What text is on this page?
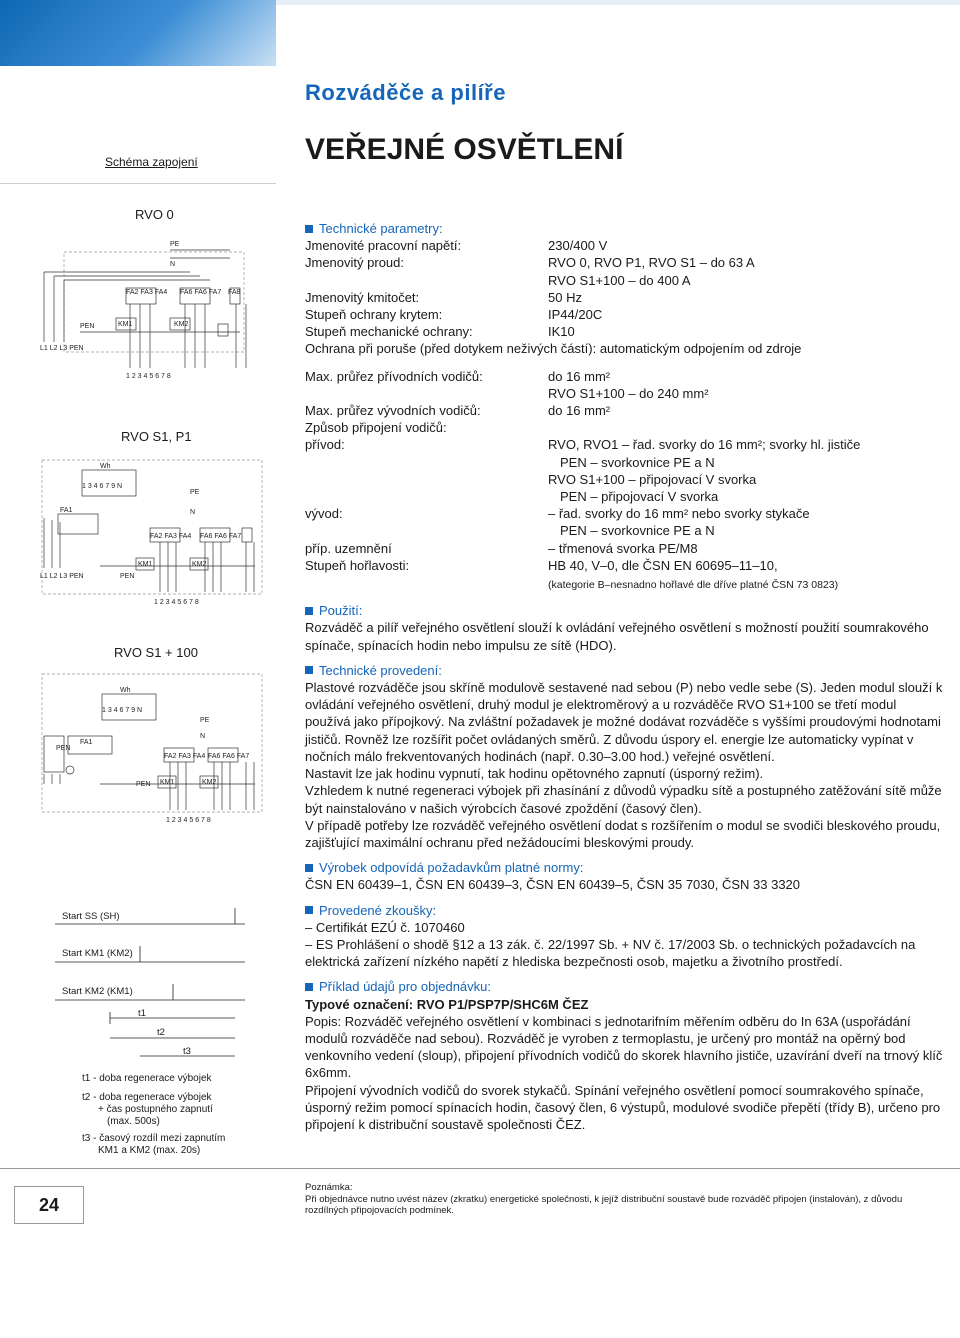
Rozváděče a pilíře
VEŘEJNÉ OSVĚTLENÍ
Schéma zapojení
RVO 0
L1 L2 L3 PEN
PEN	KM1	KM2
PE
N
FA2 FA3 FA4 FA6 FA6 FA7 FA8
1 2 3 4 5 6 7 8
RVO S1, P1
Wh
1 3 4 6 7 9 N
FA1
L1 L2 L3 PEN	PEN
KM1	KM2
PE
N
FA2 FA3 FA4 FA6 FA6 FA7
1 2 3 4 5 6 7 8
RVO S1 + 100
Wh
1 3 4 6 7 9 N
FA1
PEN
PEN KM1	KM2
PE
N
FA2 FA3 FA4 FA6 FA6 FA7
1 2 3 4 5 6 7 8
Start SS (SH)
Start KM1 (KM2)
Start KM2 (KM1)
t1
t2
t3
t1 - doba regenerace výbojek
t2 - doba regenerace výbojek
+ čas postupného zapnutí
(max. 500s)
t3 - časový rozdíl mezi zapnutím
KM1 a KM2 (max. 20s)

Technické parametry:

Jmenovité pracovní napětí:	230/400 V
Jmenovitý proud:	RVO 0, RVO P1, RVO S1 – do 63 A
RVO S1+100 – do 400 A
Jmenovitý kmitočet:	50 Hz
Stupeň ochrany krytem:	IP44/20C
Stupeň mechanické ochrany:	IK10

Ochrana při poruše (před dotykem neživých částí): automatickým odpojením od zdroje

Max. průřez přívodních vodičů:	do 16 mm²
RVO S1+100 – do 240 mm²
Max. průřez vývodních vodičů:	do 16 mm²

Způsob připojení vodičů:

přívod:	RVO, RVO1 – řad. svorky do 16 mm²; svorky hl. jističe
PEN – svorkovnice PE a N
RVO S1+100 – připojovací V svorka
PEN – připojovací V svorka
vývod:	– řad. svorky do 16 mm² nebo svorky stykače
PEN – svorkovnice PE a N
příp. uzemnění	– třmenová svorka PE/M8
Stupeň hořlavosti:	HB 40, V–0, dle ČSN EN 60695–11–10,
(kategorie B–nesnadno hořlavé dle dříve platné ČSN 73 0823)

Použití:

Rozváděč a pilíř veřejného osvětlení slouží k ovládání veřejného osvětlení s možností použití soumrakového spínače, spínacích hodin nebo impulsu ze sítě (HDO).

Technické provedení:

Plastové rozváděče jsou skříně modulově sestavené nad sebou (P) nebo vedle sebe (S). Jeden modul slouží k ovládání veřejného osvětlení, druhý modul je elektroměrový a u rozváděče RVO S1+100 se třetí modul používá jako přípojkový. Na zvláštní požadavek je možné dodávat rozváděče s vyššími proudovými hodnotami jističů. Rovněž lze rozšířit počet ovládaných směrů. Z důvodu úspory el. energie lze automaticky vypínat v nočních málo frekventovaných hodinách (např. 0.30–3.00 hod.) veřejné osvětlení.

Nastavit lze jak hodinu vypnutí, tak hodinu opětovného zapnutí (úsporný režim).

Vzhledem k nutné regeneraci výbojek při zhasínání z důvodů výpadku sítě a postupného zatěžování sítě může být nainstalováno v našich výrobcích časové zpoždění (časový člen).

V případě potřeby lze rozváděč veřejného osvětlení dodat s rozšířením o modul se svodiči bleskového proudu, zajišťující maximální ochranu před nežádoucími bleskovými proudy.

Výrobek odpovídá požadavkům platné normy:

ČSN EN 60439–1, ČSN EN 60439–3, ČSN EN 60439–5, ČSN 35 7030, ČSN 33 3320

Provedené zkoušky:

– Certifikát EZÚ č. 1070460

– ES Prohlášení o shodě §12 a 13 zák. č. 22/1997 Sb. + NV č. 17/2003 Sb. o technických požadavcích na elektrická zařízení nízkého napětí z hlediska bezpečnosti osob, majetku a životního prostředí.

Příklad údajů pro objednávku:

Typové označení: RVO P1/PSP7P/SHC6M ČEZ

Popis: Rozváděč veřejného osvětlení v kombinaci s jednotarifním měřením odběru do In 63A (uspořádání modulů rozváděče nad sebou). Rozváděč je vyroben z termoplastu, je určený pro montáž na opěrný bod venkovního vedení (sloup), připojení přívodních vodičů do skorek hlavního jističe, uzavírání dveří na trnový klíč 6x6mm.

Připojení vývodních vodičů do svorek stykačů. Spínání veřejného osvětlení pomocí soumrakového spínače, úsporný režim pomocí spínacích hodin, časový člen, 6 výstupů, modulové svodiče přepětí (třídy B), určeno pro připojení k distribuční soustavě společnosti ČEZ.

24
Poznámka:
Při objednávce nutno uvést název (zkratku) energetické společnosti, k jejíž distribuční soustavě bude rozváděč připojen (instalován), z důvodu rozdílných připojovacích podmínek.
